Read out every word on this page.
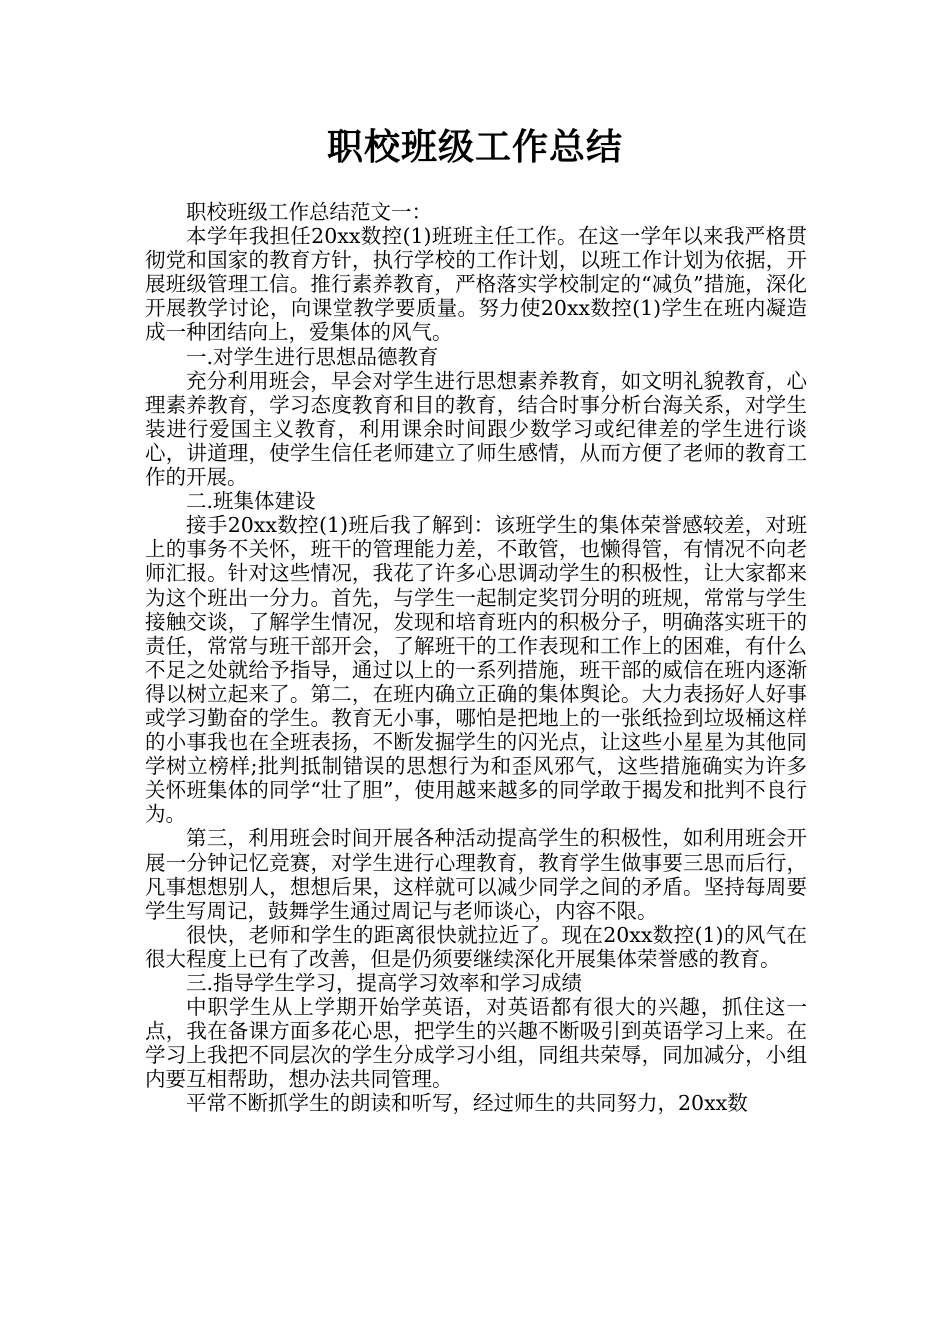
职校班级工作总结

职校班级工作总结范文一：

本学年我担任20xx数控(1)班班主任工作。在这一学年以来我严格贯彻党和国家的教育方针，执行学校的工作计划，以班工作计划为依据，开展班级管理工信。推行素养教育，严格落实学校制定的“减负”措施，深化开展教学讨论，向课堂教学要质量。努力使20xx数控(1)学生在班内凝造成一种团结向上，爱集体的风气。

一.对学生进行思想品德教育

充分利用班会，早会对学生进行思想素养教育，如文明礼貌教育，心理素养教育，学习态度教育和目的教育，结合时事分析台海关系，对学生装进行爱国主义教育，利用课余时间跟少数学习或纪律差的学生进行谈心，讲道理，使学生信任老师建立了师生感情，从而方便了老师的教育工作的开展。

二.班集体建设

接手20xx数控(1)班后我了解到：该班学生的集体荣誉感较差，对班上的事务不关怀，班干的管理能力差，不敢管，也懒得管，有情况不向老师汇报。针对这些情况，我花了许多心思调动学生的积极性，让大家都来为这个班出一分力。首先，与学生一起制定奖罚分明的班规，常常与学生接触交谈，了解学生情况，发现和培育班内的积极分子，明确落实班干的责任，常常与班干部开会，了解班干的工作表现和工作上的困难，有什么不足之处就给予指导，通过以上的一系列措施，班干部的威信在班内逐渐得以树立起来了。第二，在班内确立正确的集体舆论。大力表扬好人好事或学习勤奋的学生。教育无小事，哪怕是把地上的一张纸捡到垃圾桶这样的小事我也在全班表扬，不断发掘学生的闪光点，让这些小星星为其他同学树立榜样;批判抵制错误的思想行为和歪风邪气，这些措施确实为许多关怀班集体的同学“壮了胆”，使用越来越多的同学敢于揭发和批判不良行为。

第三，利用班会时间开展各种活动提高学生的积极性，如利用班会开展一分钟记忆竞赛，对学生进行心理教育，教育学生做事要三思而后行，凡事想想别人，想想后果，这样就可以减少同学之间的矛盾。坚持每周要学生写周记，鼓舞学生通过周记与老师谈心，内容不限。

很快，老师和学生的距离很快就拉近了。现在20xx数控(1)的风气在很大程度上已有了改善，但是仍须要继续深化开展集体荣誉感的教育。

三.指导学生学习，提高学习效率和学习成绩

中职学生从上学期开始学英语，对英语都有很大的兴趣，抓住这一点，我在备课方面多花心思，把学生的兴趣不断吸引到英语学习上来。在学习上我把不同层次的学生分成学习小组，同组共荣辱，同加减分，小组内要互相帮助，想办法共同管理。

平常不断抓学生的朗读和听写，经过师生的共同努力，20xx数
